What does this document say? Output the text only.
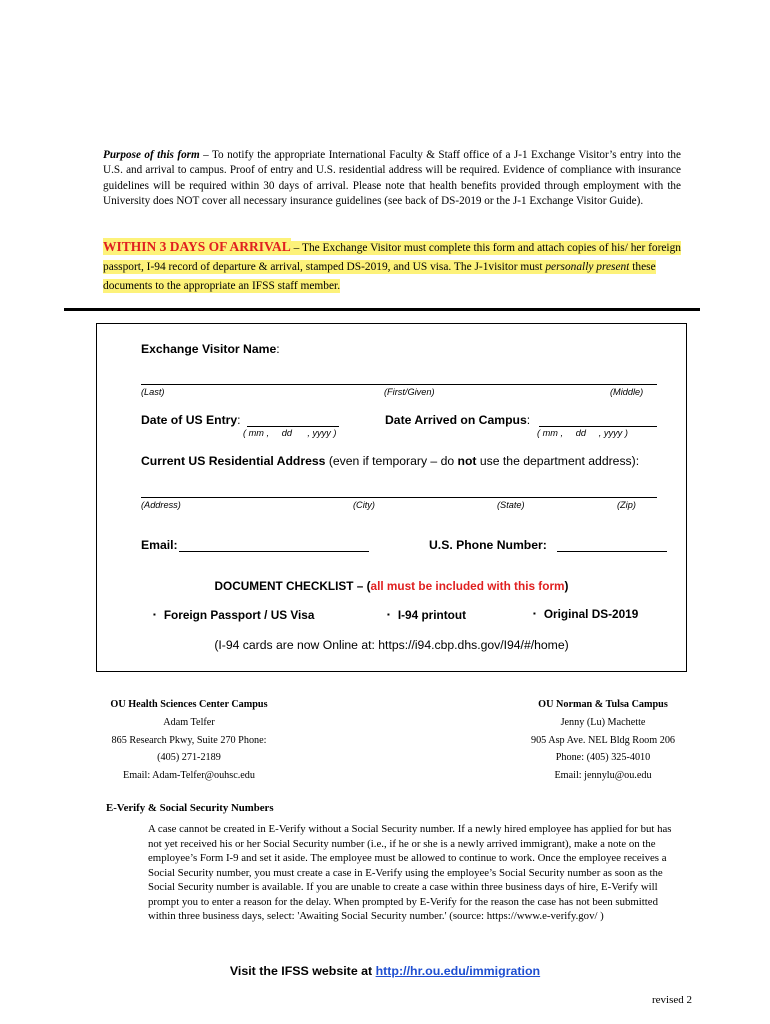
Purpose of this form – To notify the appropriate International Faculty & Staff office of a J-1 Exchange Visitor’s entry into the U.S. and arrival to campus. Proof of entry and U.S. residential address will be required. Evidence of compliance with insurance guidelines will be required within 30 days of arrival. Please note that health benefits provided through employment with the University does NOT cover all necessary insurance guidelines (see back of DS-2019 or the J-1 Exchange Visitor Guide).
WITHIN 3 DAYS OF ARRIVAL – The Exchange Visitor must complete this form and attach copies of his/ her foreign passport, I-94 record of departure & arrival, stamped DS-2019, and US visa. The J-1visitor must personally present these documents to the appropriate an IFSS staff member.
Exchange Visitor Name:
(Last)	(First/Given)	(Middle)
Date of US Entry:
( mm , dd , yyyy )
Date Arrived on Campus:
( mm , dd , yyyy )
Current US Residential Address (even if temporary – do not use the department address):
(Address)	(City)	(State)	(Zip)
Email:	U.S. Phone Number:
DOCUMENT CHECKLIST – (all must be included with this form)
▪ Foreign Passport / US Visa	▪ I-94 printout	▪ Original DS-2019
(I-94 cards are now Online at: https://i94.cbp.dhs.gov/I94/#/home)
OU Health Sciences Center Campus
Adam Telfer
865 Research Pkwy, Suite 270 Phone:
(405) 271-2189
Email: Adam-Telfer@ouhsc.edu
OU Norman & Tulsa Campus
Jenny (Lu) Machette
905 Asp Ave. NEL Bldg Room 206
Phone: (405) 325-4010
Email: jennylu@ou.edu
E-Verify & Social Security Numbers
A case cannot be created in E-Verify without a Social Security number. If a newly hired employee has applied for but has not yet received his or her Social Security number (i.e., if he or she is a newly arrived immigrant), make a note on the employee’s Form I-9 and set it aside. The employee must be allowed to continue to work. Once the employee receives a Social Security number, you must create a case in E-Verify using the employee’s Social Security number as soon as the Social Security number is available. If you are unable to create a case within three business days of hire, E-Verify will prompt you to enter a reason for the delay. When prompted by E-Verify for the reason the case has not been submitted within three business days, select: 'Awaiting Social Security number.' (source: https://www.e-verify.gov/ )
Visit the IFSS website at http://hr.ou.edu/immigration
revised 2
